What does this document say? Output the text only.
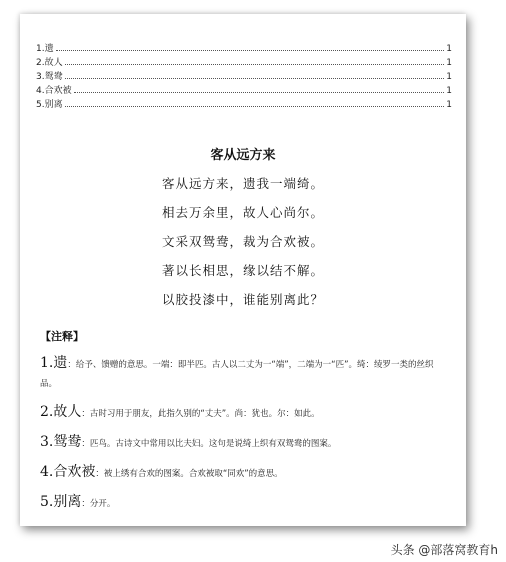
1.遗	1
2.故人	1
3.鸳鸯	1
4.合欢被	1
5.别离	1
客从远方来
客从远方来，遗我一端绮。
相去万余里，故人心尚尔。
文采双鸳鸯，裁为合欢被。
著以长相思，缘以结不解。
以胶投漆中，谁能别离此？
【注释】
1.遗：给予、馈赠的意思。一端：即半匹。古人以二丈为一“端”，二端为一“匹”。绮：绫罗一类的丝织品。
2.故人：古时习用于朋友，此指久别的“丈夫”。尚：犹也。尔：如此。
3.鸳鸯：匹鸟。古诗文中常用以比夫妇。这句是说绮上织有双鸳鸯的图案。
4.合欢被：被上绣有合欢的图案。合欢被取“同欢”的意思。
5.别离：分开。
头条 @部落窝教育h
